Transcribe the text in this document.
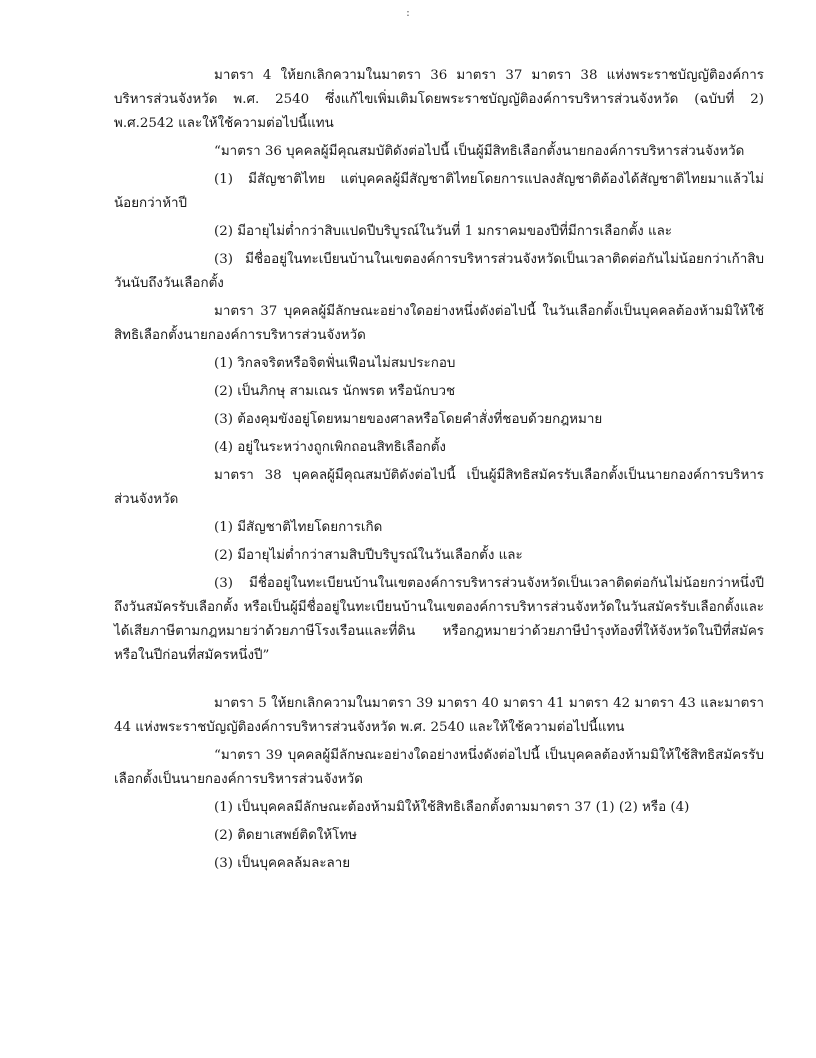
:

มาตรา 4 ให้ยกเลิกความในมาตรา 36 มาตรา 37 มาตรา 38 แห่งพระราชบัญญัติองค์การบริหารส่วนจังหวัด พ.ศ. 2540 ซึ่งแก้ไขเพิ่มเติมโดยพระราชบัญญัติองค์การบริหารส่วนจังหวัด (ฉบับที่ 2) พ.ศ.2542 และให้ใช้ความต่อไปนี้แทน

“มาตรา 36 บุคคลผู้มีคุณสมบัติดังต่อไปนี้ เป็นผู้มีสิทธิเลือกตั้งนายกองค์การบริหารส่วนจังหวัด

(1) มีสัญชาติไทย แต่บุคคลผู้มีสัญชาติไทยโดยการแปลงสัญชาติต้องได้สัญชาติไทยมาแล้วไม่น้อยกว่าห้าปี

(2) มีอายุไม่ต่ำกว่าสิบแปดปีบริบูรณ์ในวันที่ 1 มกราคมของปีที่มีการเลือกตั้ง และ

(3) มีชื่ออยู่ในทะเบียนบ้านในเขตองค์การบริหารส่วนจังหวัดเป็นเวลาติดต่อกันไม่น้อยกว่าเก้าสิบวันนับถึงวันเลือกตั้ง

มาตรา 37 บุคคลผู้มีลักษณะอย่างใดอย่างหนึ่งดังต่อไปนี้ ในวันเลือกตั้งเป็นบุคคลต้องห้ามมิให้ใช้สิทธิเลือกตั้งนายกองค์การบริหารส่วนจังหวัด

(1) วิกลจริตหรือจิตฟั่นเฟือนไม่สมประกอบ

(2) เป็นภิกษุ สามเณร นักพรต หรือนักบวช

(3) ต้องคุมขังอยู่โดยหมายของศาลหรือโดยคำสั่งที่ชอบด้วยกฎหมาย

(4) อยู่ในระหว่างถูกเพิกถอนสิทธิเลือกตั้ง

มาตรา 38 บุคคลผู้มีคุณสมบัติดังต่อไปนี้ เป็นผู้มีสิทธิสมัครรับเลือกตั้งเป็นนายกองค์การบริหารส่วนจังหวัด

(1) มีสัญชาติไทยโดยการเกิด

(2) มีอายุไม่ต่ำกว่าสามสิบปีบริบูรณ์ในวันเลือกตั้ง และ

(3) มีชื่ออยู่ในทะเบียนบ้านในเขตองค์การบริหารส่วนจังหวัดเป็นเวลาติดต่อกันไม่น้อยกว่าหนึ่งปีถึงวันสมัครรับเลือกตั้ง หรือเป็นผู้มีชื่ออยู่ในทะเบียนบ้านในเขตองค์การบริหารส่วนจังหวัดในวันสมัครรับเลือกตั้งและได้เสียภาษีตามกฎหมายว่าด้วยภาษีโรงเรือนและที่ดิน หรือกฎหมายว่าด้วยภาษีบำรุงท้องที่ให้จังหวัดในปีที่สมัคร หรือในปีก่อนที่สมัครหนึ่งปี”

มาตรา 5 ให้ยกเลิกความในมาตรา 39 มาตรา 40 มาตรา 41 มาตรา 42 มาตรา 43 และมาตรา 44 แห่งพระราชบัญญัติองค์การบริหารส่วนจังหวัด พ.ศ. 2540 และให้ใช้ความต่อไปนี้แทน

“มาตรา 39 บุคคลผู้มีลักษณะอย่างใดอย่างหนึ่งดังต่อไปนี้ เป็นบุคคลต้องห้ามมิให้ใช้สิทธิสมัครรับเลือกตั้งเป็นนายกองค์การบริหารส่วนจังหวัด

(1) เป็นบุคคลมีลักษณะต้องห้ามมิให้ใช้สิทธิเลือกตั้งตามมาตรา 37 (1) (2) หรือ (4)

(2) ติดยาเสพย์ติดให้โทษ

(3) เป็นบุคคลล้มละลาย
